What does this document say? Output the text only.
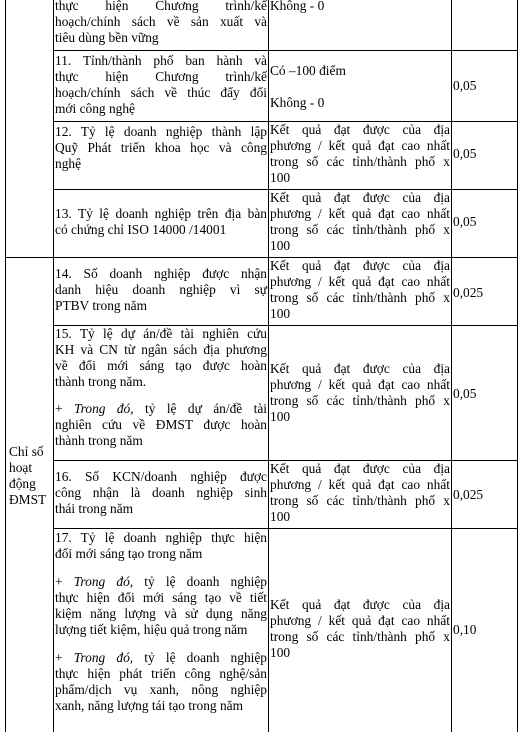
Chỉ số
hoạt
động
ĐMST
thực hiện Chương trình/kế
hoạch/chính sách về sản xuất và
tiêu dùng bền vững
Không - 0
11. Tỉnh/thành phố ban hành và
thực hiện Chương trình/kế
hoạch/chính sách về thúc đẩy đổi
mới công nghệ
Có –100 điểm
Không - 0
0,05
12. Tỷ lệ doanh nghiệp thành lập
Quỹ Phát triển khoa học và công
nghệ
Kết quả đạt được của địa
phương / kết quả đạt cao nhất
trong số các tỉnh/thành phố x
100
0,05
13. Tỷ lệ doanh nghiệp trên địa bàn
có chứng chỉ ISO 14000 /14001
Kết quả đạt được của địa
phương / kết quả đạt cao nhất
trong số các tỉnh/thành phố x
100
0,05
14. Số doanh nghiệp được nhận
danh hiệu doanh nghiệp vì sự
PTBV trong năm
Kết quả đạt được của địa
phương / kết quả đạt cao nhất
trong số các tỉnh/thành phố x
100
0,025
15. Tỷ lệ dự án/đề tài nghiên cứu
KH và CN từ ngân sách địa phương
về đổi mới sáng tạo được hoàn
thành trong năm.
+ Trong đó, tỷ lệ dự án/đề tài
nghiên cứu về ĐMST được hoàn
thành trong năm
Kết quả đạt được của địa
phương / kết quả đạt cao nhất
trong số các tỉnh/thành phố x
100
0,05
16. Số KCN/doanh nghiệp được
công nhận là doanh nghiệp sinh
thái trong năm
Kết quả đạt được của địa
phương / kết quả đạt cao nhất
trong số các tỉnh/thành phố x
100
0,025
17. Tỷ lệ doanh nghiệp thực hiện
đổi mới sáng tạo trong năm
+ Trong đó, tỷ lệ doanh nghiệp
thực hiện đổi mới sáng tạo về tiết
kiệm năng lượng và sử dụng năng
lượng tiết kiệm, hiệu quả trong năm
+ Trong đó, tỷ lệ doanh nghiệp
thực hiện phát triển công nghệ/sản
phẩm/dịch vụ xanh, nông nghiệp
xanh, năng lượng tái tạo trong năm
Kết quả đạt được của địa
phương / kết quả đạt cao nhất
trong số các tỉnh/thành phố x
100
0,10
